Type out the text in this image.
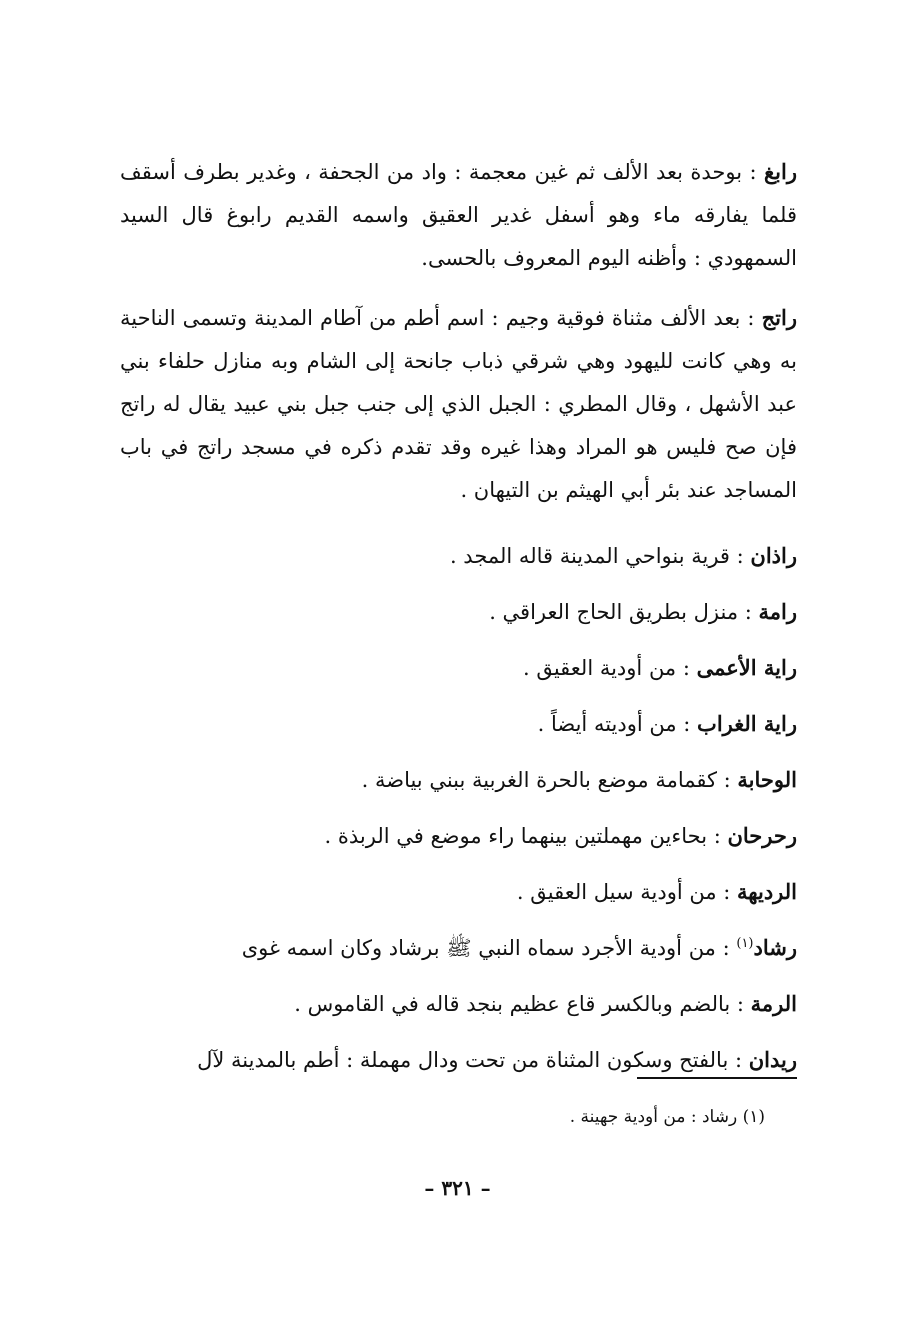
رابغ : بوحدة بعد الألف ثم غين معجمة : واد من الجحفة ، وغدير بطرف أسقف قلما يفارقه ماء وهو أسفل غدير العقيق واسمه القديم رابوغ قال السيد السمهودي : وأظنه اليوم المعروف بالحسى.

راتج : بعد الألف مثناة فوقية وجيم : اسم أطم من آطام المدينة وتسمى الناحية به وهي كانت لليهود وهي شرقي ذباب جانحة إلى الشام وبه منازل حلفاء بني عبد الأشهل ، وقال المطري : الجبل الذي إلى جنب جبل بني عبيد يقال له راتج فإن صح فليس هو المراد وهذا غيره وقد تقدم ذكره في مسجد راتج في باب المساجد عند بئر أبي الهيثم بن التيهان .

راذان : قرية بنواحي المدينة قاله المجد .

رامة : منزل بطريق الحاج العراقي .

راية الأعمى : من أودية العقيق .

راية الغراب : من أوديته أيضاً .

الوحابة : كقمامة موضع بالحرة الغربية ببني بياضة .

رحرحان : بحاءين مهملتين بينهما راء موضع في الربذة .

الرديهة : من أودية سيل العقيق .

رشاد$^{(١)}$ : من أودية الأجرد سماه النبي ﷺ برشاد وكان اسمه غوى

الرمة : بالضم وبالكسر قاع عظيم بنجد قاله في القاموس .

ريدان : بالفتح وسكون المثناة من تحت ودال مهملة : أطم بالمدينة لآل

(١) رشاد : من أودية جهينة .
– ٣٢١ –
